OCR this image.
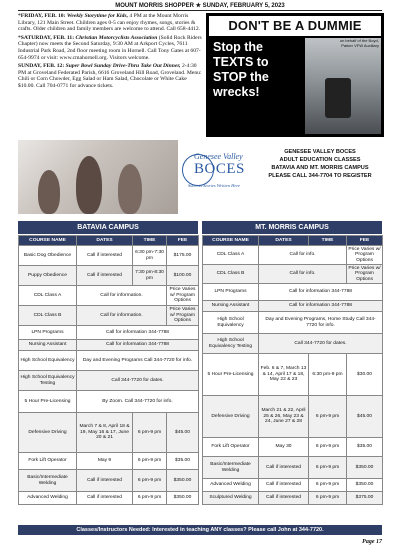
MOUNT MORRIS SHOPPER ★ SUNDAY, FEBRUARY 5, 2023

*FRIDAY, FEB. 10: Weekly Storytime for Kids, 4 PM at the Mount Morris Library, 121 Main Street. Children ages 0-5 can enjoy rhymes, songs, stories & crafts. Older children and family members are welcome to attend. Call 658-4412.

*SATURDAY, FEB. 11: Christian Motorcyclists Association (Solid Rock Riders Chapter) now meets the Second Saturday, 9:30 AM at Arkport Cycles, 7611 Industrial Park Road, 2nd floor meeting room in Hornell. Call Tony Gates at 607-654-9974 or visit: www.cmahornell.org. Visitors welcome.

SUNDAY, FEB. 12: Super Bowl Sunday Drive-Thru Take Out Dinner, 2-4:30 PM at Groveland Federated Parish, 6616 Groveland Hill Road, Groveland. Menu: Chili or Corn Chowder, Egg Salad or Ham Salad, Chocolate or White Cake $10.00. Call 704-0771 for advance tickets.

DON'T BE A DUMMIE
on behalf of the Boyd-Parker VFW Auxiliary
Stop the
TEXTS to
STOP the
wrecks!
Genesee Valley
BOCES
Success Stories Written Here
GENESEE VALLEY BOCES
ADULT EDUCATION CLASSES
BATAVIA AND MT. MORRIS CAMPUS
PLEASE CALL 344-7704 TO REGISTER
BATAVIA CAMPUS	MT. MORRIS CAMPUS
COURSE NAME	DATES	TIME	FEE
Basic Dog Obedience	Call if interested	6:30 pm-7:30 pm	$175.00
Puppy Obedience	Call if interested	7:30 pm-8:30 pm	$100.00
CDL Class A	Call for information.		Price Varies w/ Program Options
CDL Class B	Call for information.		Price Varies w/ Program Options
LPN Programs	Call for information 344-7788		
Nursing Assistant	Call for information 344-7788		
High School Equivalency	Day and Evening Programs Call 344-7720 for info.		
High School Equivalency Testing	Call 344-7720 for dates.		
5 Hour Pre-Licensing	By Zoom. Call 344-7720 for info.		
Defensive Driving	March 7 & 8, April 18 & 19, May 16 & 17, June 20 & 21	6 pm-9 pm	$45.00
Fork Lift Operator	May 9	6 pm-9 pm	$35.00
Basic/Intermediate Welding	Call if interested	6 pm-9 pm	$350.00
Advanced Welding	Call if interested	6 pm-9 pm	$350.00
COURSE NAME	DATES	TIME	FEE
CDL Class A	Call for info.		Price Varies w/ Program Options
CDL Class B	Call for info.		Price Varies w/ Program Options
LPN Programs	Call for information 344-7788		
Nursing Assistant	Call for information 344-7788		
High School Equivalency	Day and Evening Programs, Home Study Call 344-7720 for info.		
High School Equivalency Testing	Call 344-7720 for dates.		
5 Hour Pre-Licensing	Feb. 6 & 7, March 13 & 14, April 17 & 18, May 22 & 23	6:30 pm-9 pm	$30.00
Defensive Driving	March 21 & 22, April 25 & 26, May 23 & 24, June 27 & 28	6 pm-9 pm	$45.00
Fork Lift Operator	May 30	6 pm-9 pm	$35.00
Basic/Intermediate Welding	Call if interested	6 pm-9 pm	$350.00
Advanced Welding	Call if interested	6 pm-9 pm	$350.00
Sculptured Welding	Call if interested	6 pm-9 pm	$375.00
Classes/Instructors Needed: Interested in teaching ANY classes? Please call John at 344-7720.
Page 17
